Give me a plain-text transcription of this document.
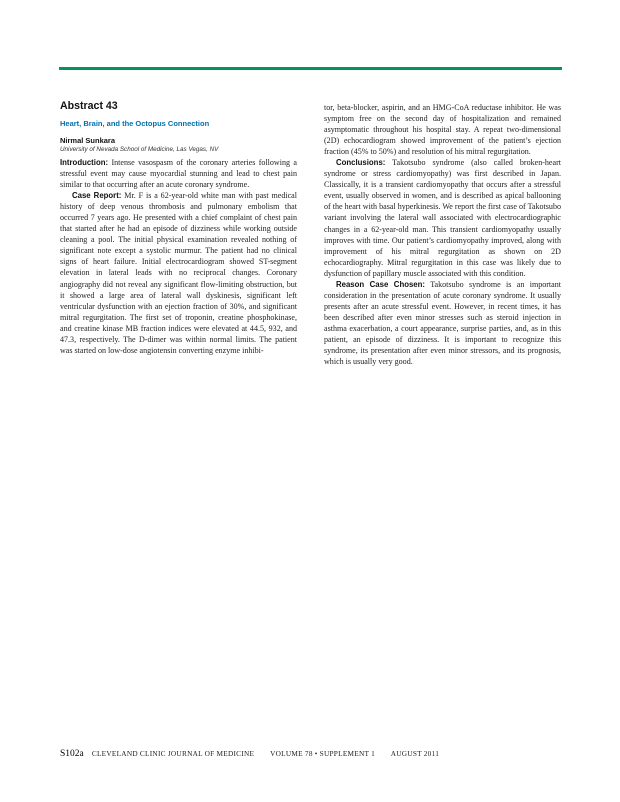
Abstract 43
Heart, Brain, and the Octopus Connection
Nirmal Sunkara
University of Nevada School of Medicine, Las Vegas, NV

Introduction: Intense vasospasm of the coronary arteries following a stressful event may cause myocardial stunning and lead to chest pain similar to that occurring after an acute coronary syndrome.

Case Report: Mr. F is a 62-year-old white man with past medical history of deep venous thrombosis and pulmonary embolism that occurred 7 years ago. He presented with a chief complaint of chest pain that started after he had an episode of dizziness while working outside cleaning a pool. The initial physical examination revealed nothing of significant note except a systolic murmur. The patient had no clinical signs of heart failure. Initial electrocardiogram showed ST-segment elevation in lateral leads with no reciprocal changes. Coronary angiography did not reveal any significant flow-limiting obstruction, but it showed a large area of lateral wall dyskinesis, significant left ventricular dysfunction with an ejection fraction of 30%, and significant mitral regurgitation. The first set of troponin, creatine phosphokinase, and creatine kinase MB fraction indices were elevated at 44.5, 932, and 47.3, respectively. The D-dimer was within normal limits. The patient was started on low-dose angiotensin converting enzyme inhibi-

tor, beta-blocker, aspirin, and an HMG-CoA reductase inhibitor. He was symptom free on the second day of hospitalization and remained asymptomatic throughout his hospital stay. A repeat two-dimensional (2D) echocardiogram showed improvement of the patient’s ejection fraction (45% to 50%) and resolution of his mitral regurgitation.

Conclusions: Takotsubo syndrome (also called broken-heart syndrome or stress cardiomyopathy) was first described in Japan. Classically, it is a transient cardiomyopathy that occurs after a stressful event, usually observed in women, and is described as apical ballooning of the heart with basal hyperkinesis. We report the first case of Takotsubo variant involving the lateral wall associated with electrocardiographic changes in a 62-year-old man. This transient cardiomyopathy usually improves with time. Our patient’s cardiomyopathy improved, along with improvement of his mitral regurgitation as shown on 2D echocardiography. Mitral regurgitation in this case was likely due to dysfunction of papillary muscle associated with this condition.

Reason Case Chosen: Takotsubo syndrome is an important consideration in the presentation of acute coronary syndrome. It usually presents after an acute stressful event. However, in recent times, it has been described after even minor stresses such as steroid injection in asthma exacerbation, a court appearance, surprise parties, and, as in this patient, an episode of dizziness. It is important to recognize this syndrome, its presentation after even minor stressors, and its prognosis, which is usually very good.

S102a CLEVELAND CLINIC JOURNAL OF MEDICINE VOLUME 78 • SUPPLEMENT 1 AUGUST 2011
